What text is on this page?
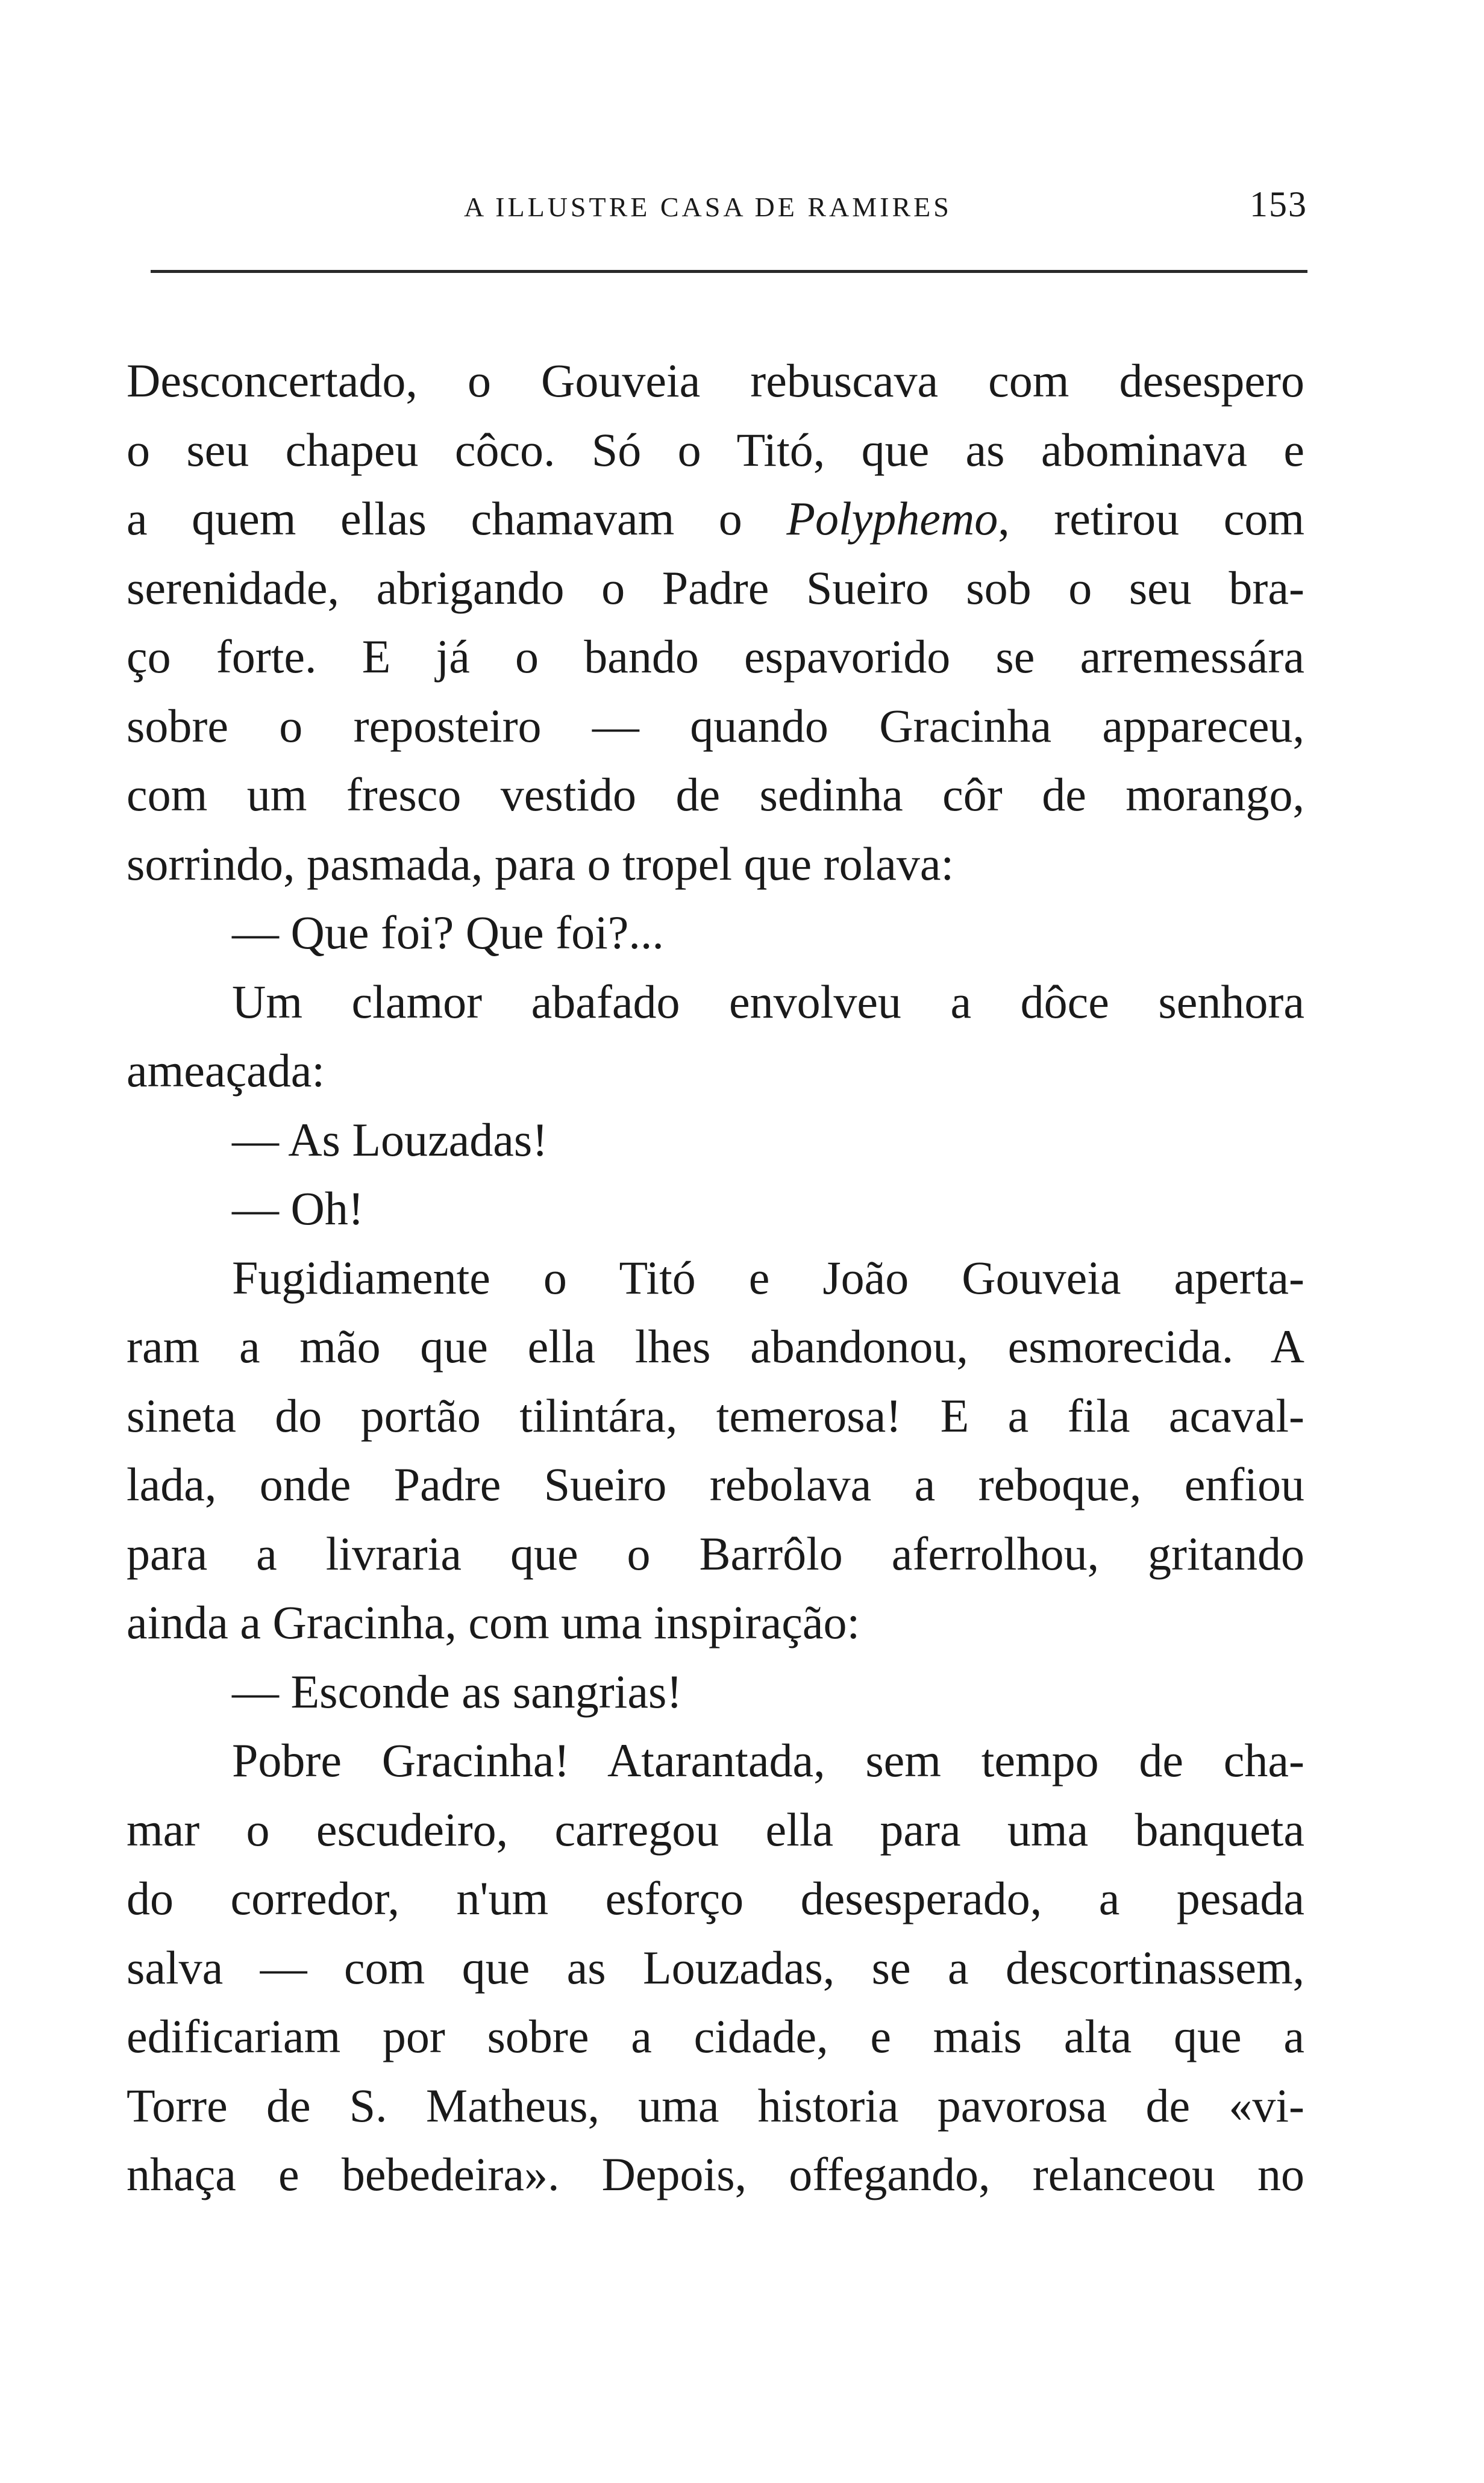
A ILLUSTRE CASA DE RAMIRES	153
Desconcertado, o Gouveia rebuscava com desespero
o seu chapeu côco. Só o Titó, que as abominava e
a quem ellas chamavam o Polyphemo, retirou com
serenidade, abrigando o Padre Sueiro sob o seu bra-
ço forte. E já o bando espavorido se arremessára
sobre o reposteiro — quando Gracinha appareceu,
com um fresco vestido de sedinha côr de morango,
sorrindo, pasmada, para o tropel que rolava:
— Que foi? Que foi?...
Um clamor abafado envolveu a dôce senhora
ameaçada:
— As Louzadas!
— Oh!
Fugidiamente o Titó e João Gouveia aperta-
ram a mão que ella lhes abandonou, esmorecida. A
sineta do portão tilintára, temerosa! E a fila acaval-
lada, onde Padre Sueiro rebolava a reboque, enfiou
para a livraria que o Barrôlo aferrolhou, gritando
ainda a Gracinha, com uma inspiração:
— Esconde as sangrias!
Pobre Gracinha! Atarantada, sem tempo de cha-
mar o escudeiro, carregou ella para uma banqueta
do corredor, n'um esforço desesperado, a pesada
salva — com que as Louzadas, se a descortinassem,
edificariam por sobre a cidade, e mais alta que a
Torre de S. Matheus, uma historia pavorosa de «vi-
nhaça e bebedeira». Depois, offegando, relanceou no
